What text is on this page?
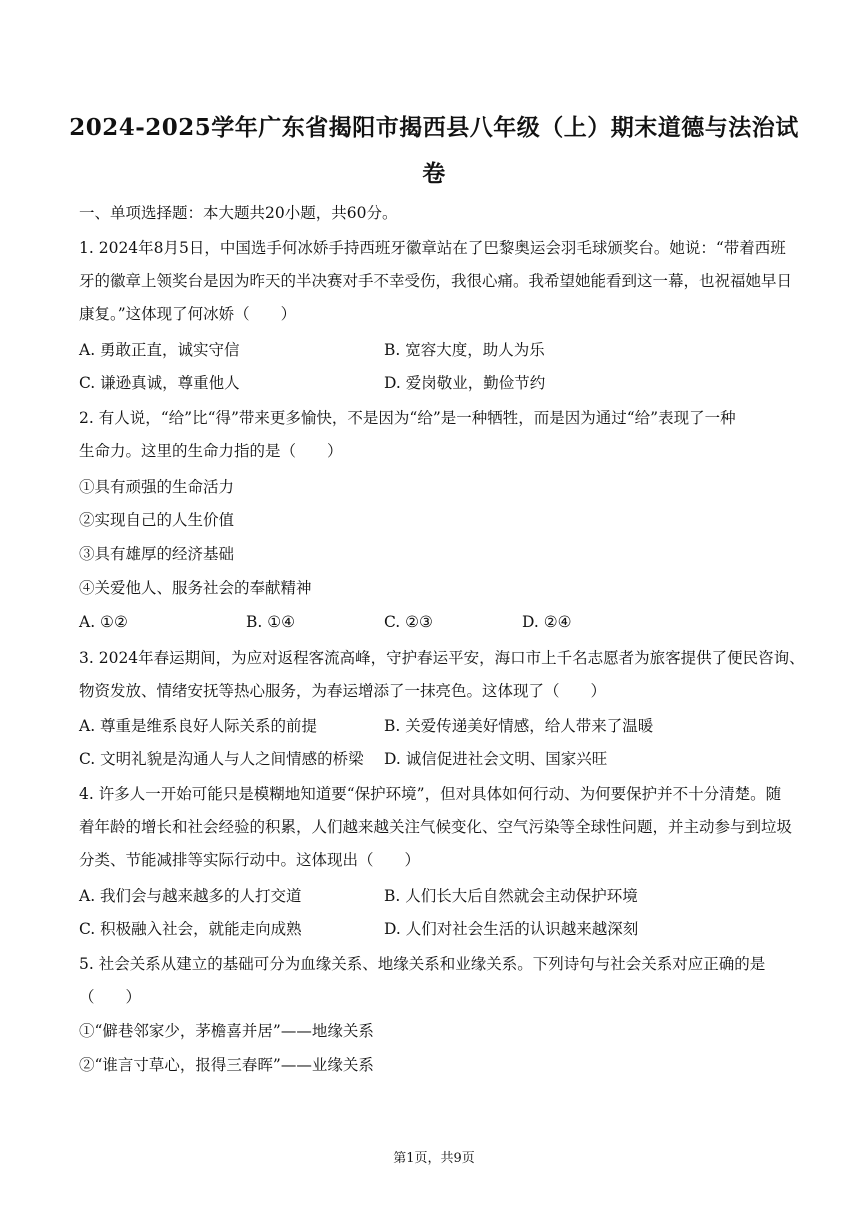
2024-2025学年广东省揭阳市揭西县八年级（上）期末道德与法治试
卷
一、单项选择题：本大题共20小题，共60分。
1. 2024年8月5日，中国选手何冰娇手持西班牙徽章站在了巴黎奥运会羽毛球颁奖台。她说：“带着西班
牙的徽章上领奖台是因为昨天的半决赛对手不幸受伤，我很心痛。我希望她能看到这一幕，也祝福她早日
康复。”这体现了何冰娇（　　）
A. 勇敢正直，诚实守信	B. 宽容大度，助人为乐
C. 谦逊真诚，尊重他人	D. 爱岗敬业，勤俭节约
2. 有人说，“给”比“得”带来更多愉快，不是因为“给”是一种牺牲，而是因为通过“给”表现了一种
生命力。这里的生命力指的是（　　）
①具有顽强的生命活力
②实现自己的人生价值
③具有雄厚的经济基础
④关爱他人、服务社会的奉献精神
A. ①②	B. ①④	C. ②③	D. ②④
3. 2024年春运期间，为应对返程客流高峰，守护春运平安，海口市上千名志愿者为旅客提供了便民咨询、
物资发放、情绪安抚等热心服务，为春运增添了一抹亮色。这体现了（　　）
A. 尊重是维系良好人际关系的前提	B. 关爱传递美好情感，给人带来了温暖
C. 文明礼貌是沟通人与人之间情感的桥梁 D. 诚信促进社会文明、国家兴旺
4. 许多人一开始可能只是模糊地知道要“保护环境”，但对具体如何行动、为何要保护并不十分清楚。随
着年龄的增长和社会经验的积累，人们越来越关注气候变化、空气污染等全球性问题，并主动参与到垃圾
分类、节能减排等实际行动中。这体现出（　　）
A. 我们会与越来越多的人打交道	B. 人们长大后自然就会主动保护环境
C. 积极融入社会，就能走向成熟	D. 人们对社会生活的认识越来越深刻
5. 社会关系从建立的基础可分为血缘关系、地缘关系和业缘关系。下列诗句与社会关系对应正确的是
（　　）
①“僻巷邻家少，茅檐喜并居”——地缘关系
②“谁言寸草心，报得三春晖”——业缘关系
第1页，共9页
